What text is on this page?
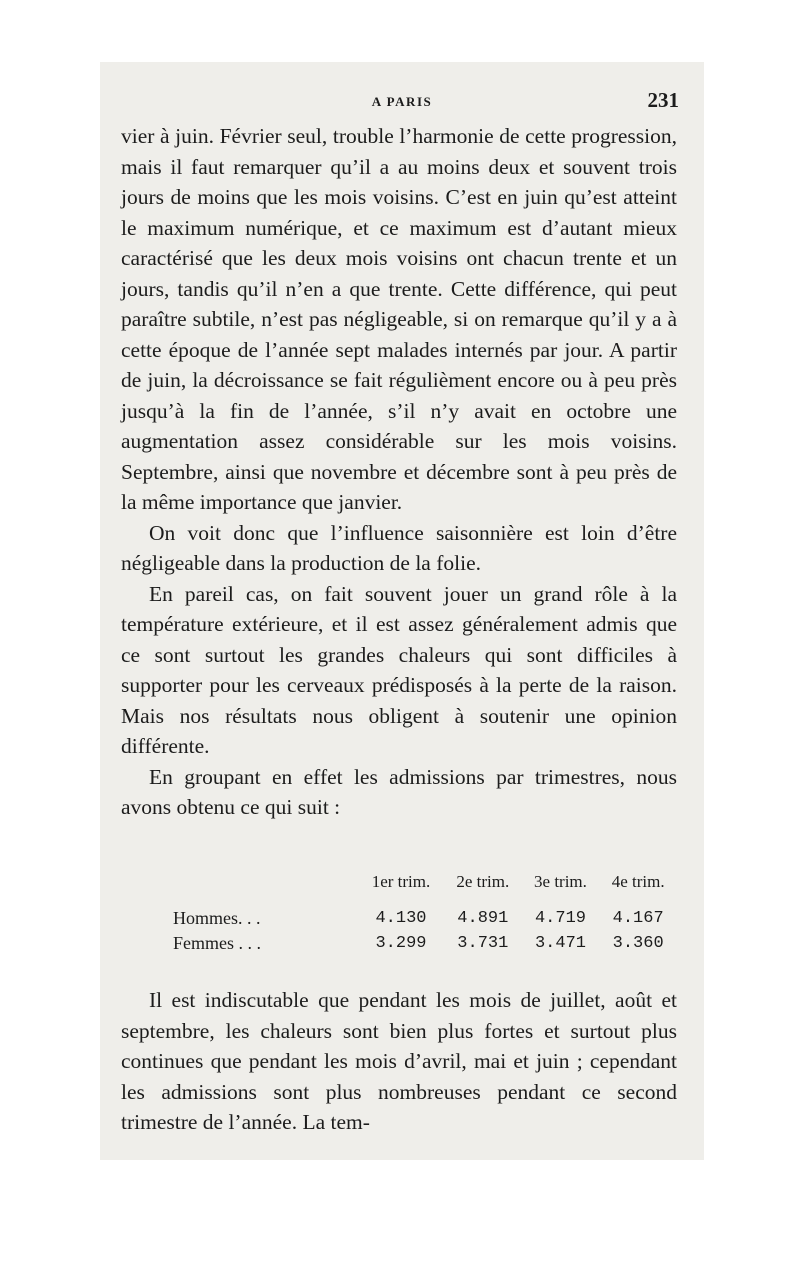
A PARIS	231

vier à juin. Février seul, trouble l’harmonie de cette progression, mais il faut remarquer qu’il a au moins deux et souvent trois jours de moins que les mois voisins. C’est en juin qu’est atteint le maximum numérique, et ce maximum est d’autant mieux caractérisé que les deux mois voisins ont chacun trente et un jours, tandis qu’il n’en a que trente. Cette différence, qui peut paraître subtile, n’est pas négligeable, si on remarque qu’il y a à cette époque de l’année sept malades internés par jour. A partir de juin, la décroissance se fait régulièment encore ou à peu près jusqu’à la fin de l’année, s’il n’y avait en octobre une augmentation assez considérable sur les mois voisins. Septembre, ainsi que novembre et décembre sont à peu près de la même importance que janvier.

On voit donc que l’influence saisonnière est loin d’être négligeable dans la production de la folie.

En pareil cas, on fait souvent jouer un grand rôle à la température extérieure, et il est assez généralement admis que ce sont surtout les grandes chaleurs qui sont difficiles à supporter pour les cerveaux prédisposés à la perte de la raison. Mais nos résultats nous obligent à soutenir une opinion différente.

En groupant en effet les admissions par trimestres, nous avons obtenu ce qui suit :

	1er trim.	2e trim.	3e trim.	4e trim.
Hommes. . .	4.130	4.891	4.719	4.167
Femmes . . .	3.299	3.731	3.471	3.360

Il est indiscutable que pendant les mois de juillet, août et septembre, les chaleurs sont bien plus fortes et surtout plus continues que pendant les mois d’avril, mai et juin ; cependant les admissions sont plus nombreuses pendant ce second trimestre de l’année. La tem-
